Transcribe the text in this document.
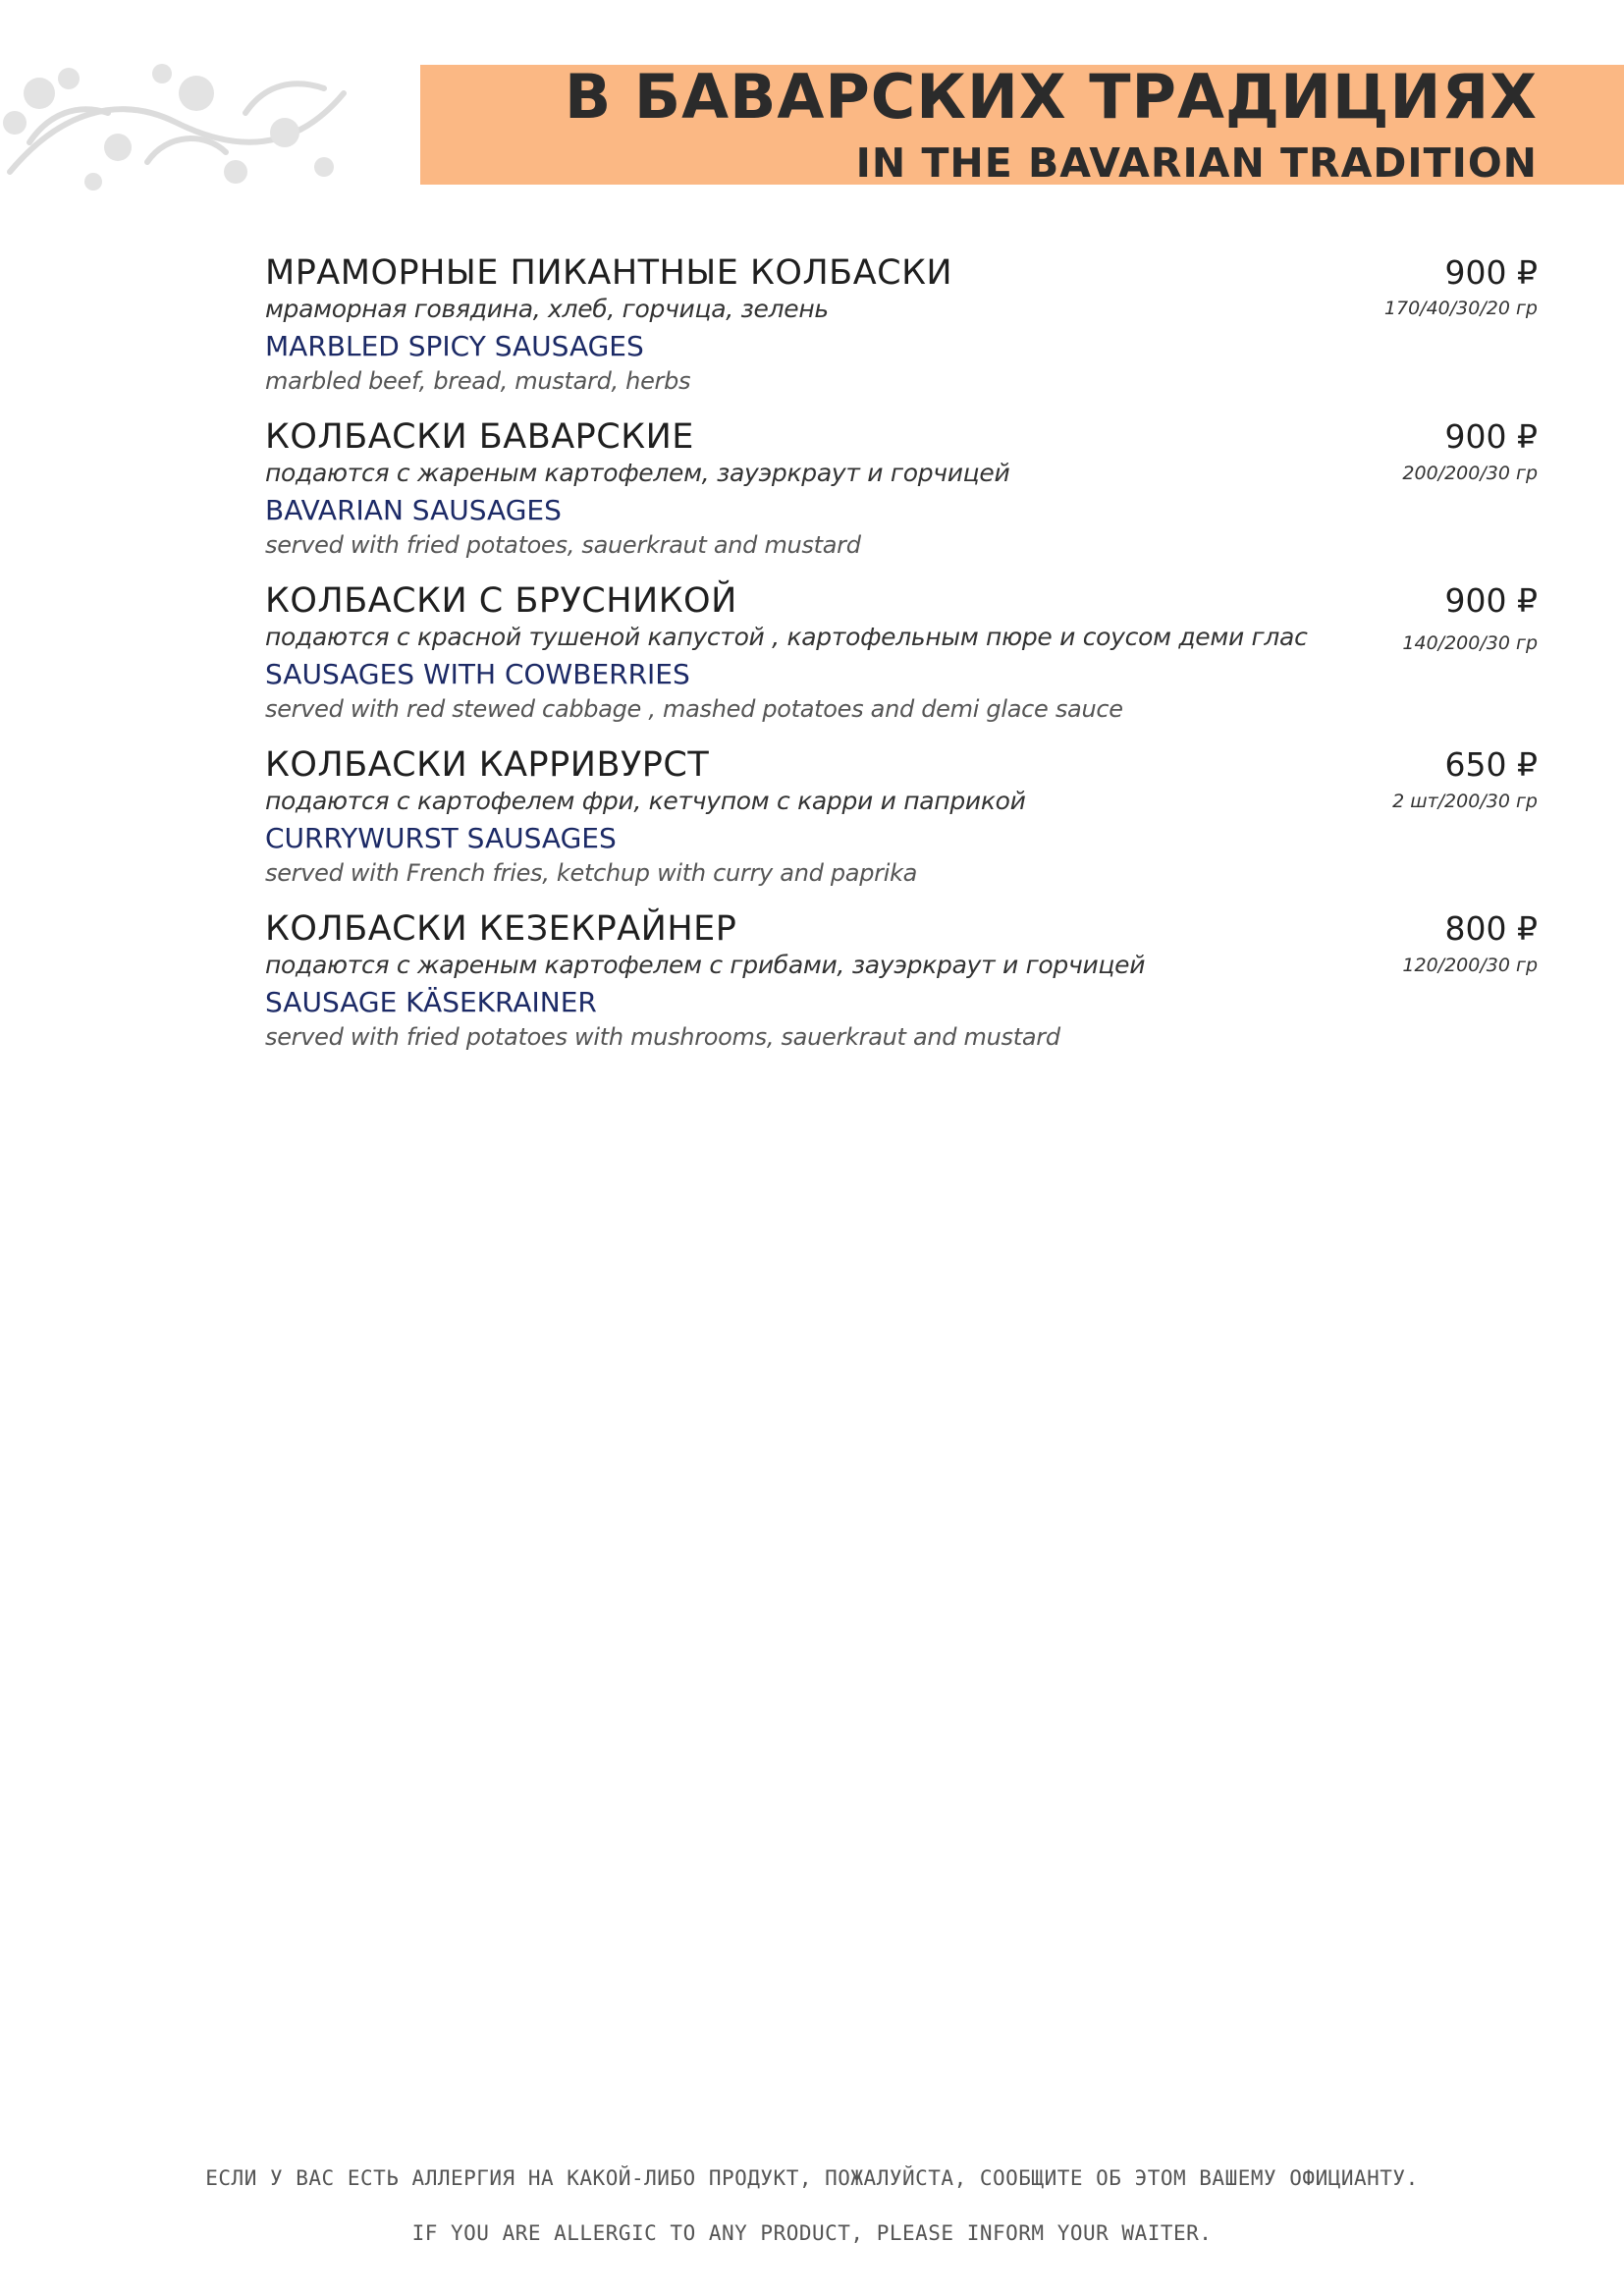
В БАВАРСКИХ ТРАДИЦИЯХ
IN THE BAVARIAN TRADITION
МРАМОРНЫЕ ПИКАНТНЫЕ КОЛБАСКИ
мраморная говядина, хлеб, горчица, зелень
MARBLED SPICY SAUSAGES
marbled beef, bread, mustard, herbs
900 ₽
170/40/30/20 гр
КОЛБАСКИ БАВАРСКИЕ
подаются с жареным картофелем, зауэркраут и горчицей
BAVARIAN SAUSAGES
served with fried potatoes, sauerkraut and mustard
900 ₽
200/200/30 гр
КОЛБАСКИ С БРУСНИКОЙ
подаются с красной тушеной капустой , картофельным пюре и соусом деми глас
SAUSAGES WITH COWBERRIES
served with red stewed cabbage , mashed potatoes and demi glace sauce
900 ₽
140/200/30 гр
КОЛБАСКИ КАРРИВУРСТ
подаются с картофелем фри, кетчупом с карри и паприкой
CURRYWURST SAUSAGES
served with French fries, ketchup with curry and paprika
650 ₽
2 шт/200/30 гр
КОЛБАСКИ КЕЗЕКРАЙНЕР
подаются с жареным картофелем с грибами, зауэркраут и горчицей
SAUSAGE KÄSEKRAINER
served with fried potatoes with mushrooms, sauerkraut and mustard
800 ₽
120/200/30 гр

ЕСЛИ У ВАС ЕСТЬ АЛЛЕРГИЯ НА КАКОЙ-ЛИБО ПРОДУКТ, ПОЖАЛУЙСТА, СООБЩИТЕ ОБ ЭТОМ ВАШЕМУ ОФИЦИАНТУ.

IF YOU ARE ALLERGIC TO ANY PRODUCT, PLEASE INFORM YOUR WAITER.
